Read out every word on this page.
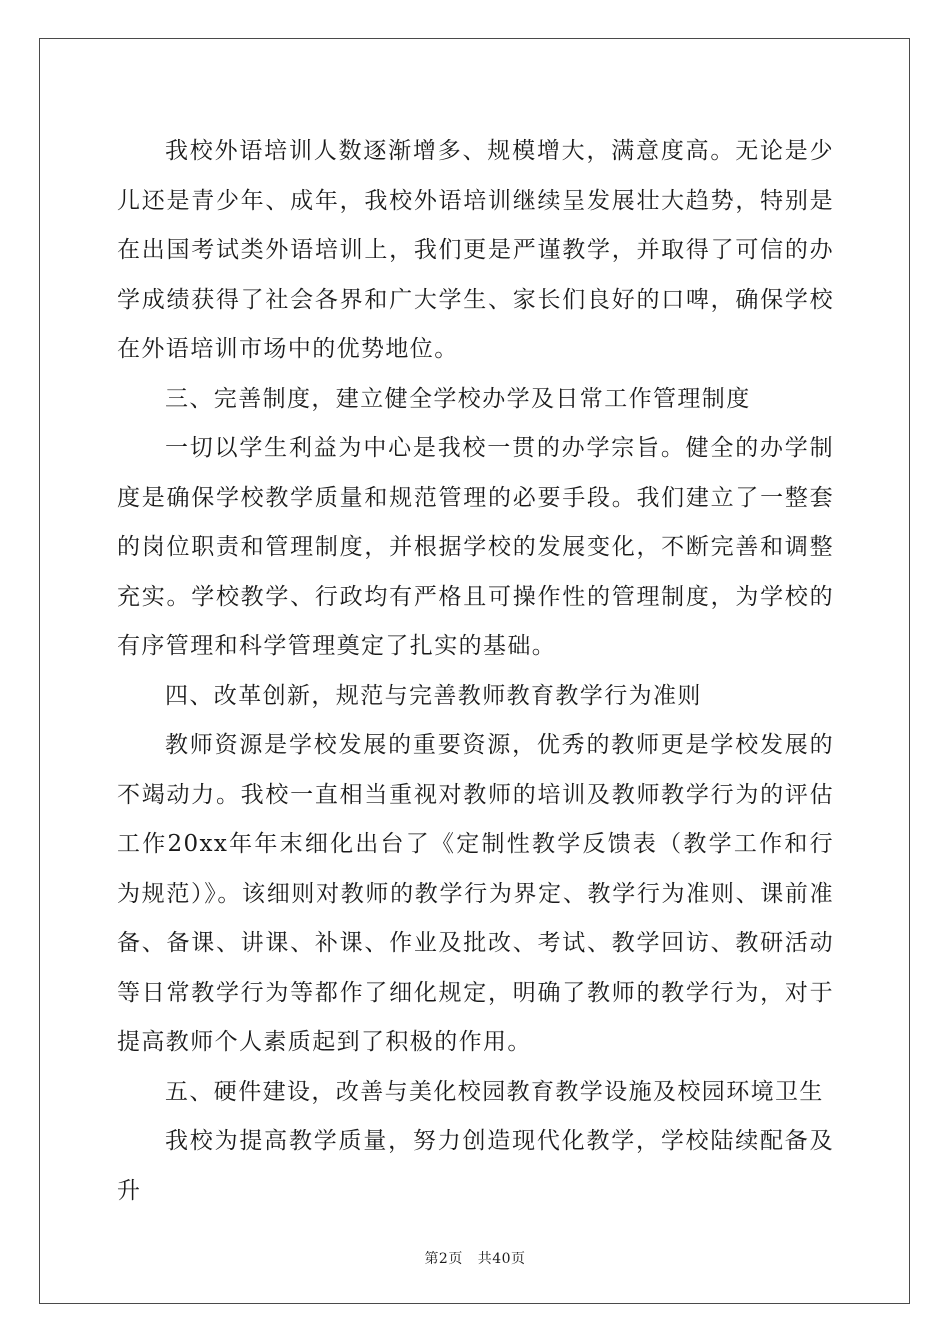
我校外语培训人数逐渐增多、规模增大，满意度高。无论是少儿还是青少年、成年，我校外语培训继续呈发展壮大趋势，特别是在出国考试类外语培训上，我们更是严谨教学，并取得了可信的办学成绩获得了社会各界和广大学生、家长们良好的口啤，确保学校在外语培训市场中的优势地位。

三、完善制度，建立健全学校办学及日常工作管理制度

一切以学生利益为中心是我校一贯的办学宗旨。健全的办学制度是确保学校教学质量和规范管理的必要手段。我们建立了一整套的岗位职责和管理制度，并根据学校的发展变化，不断完善和调整充实。学校教学、行政均有严格且可操作性的管理制度，为学校的有序管理和科学管理奠定了扎实的基础。

四、改革创新，规范与完善教师教育教学行为准则

教师资源是学校发展的重要资源，优秀的教师更是学校发展的不竭动力。我校一直相当重视对教师的培训及教师教学行为的评估工作20xx年年末细化出台了《定制性教学反馈表（教学工作和行为规范）》。该细则对教师的教学行为界定、教学行为准则、课前准备、备课、讲课、补课、作业及批改、考试、教学回访、教研活动等日常教学行为等都作了细化规定，明确了教师的教学行为，对于提高教师个人素质起到了积极的作用。

五、硬件建设，改善与美化校园教育教学设施及校园环境卫生

我校为提高教学质量，努力创造现代化教学，学校陆续配备及升

第2页 共40页
